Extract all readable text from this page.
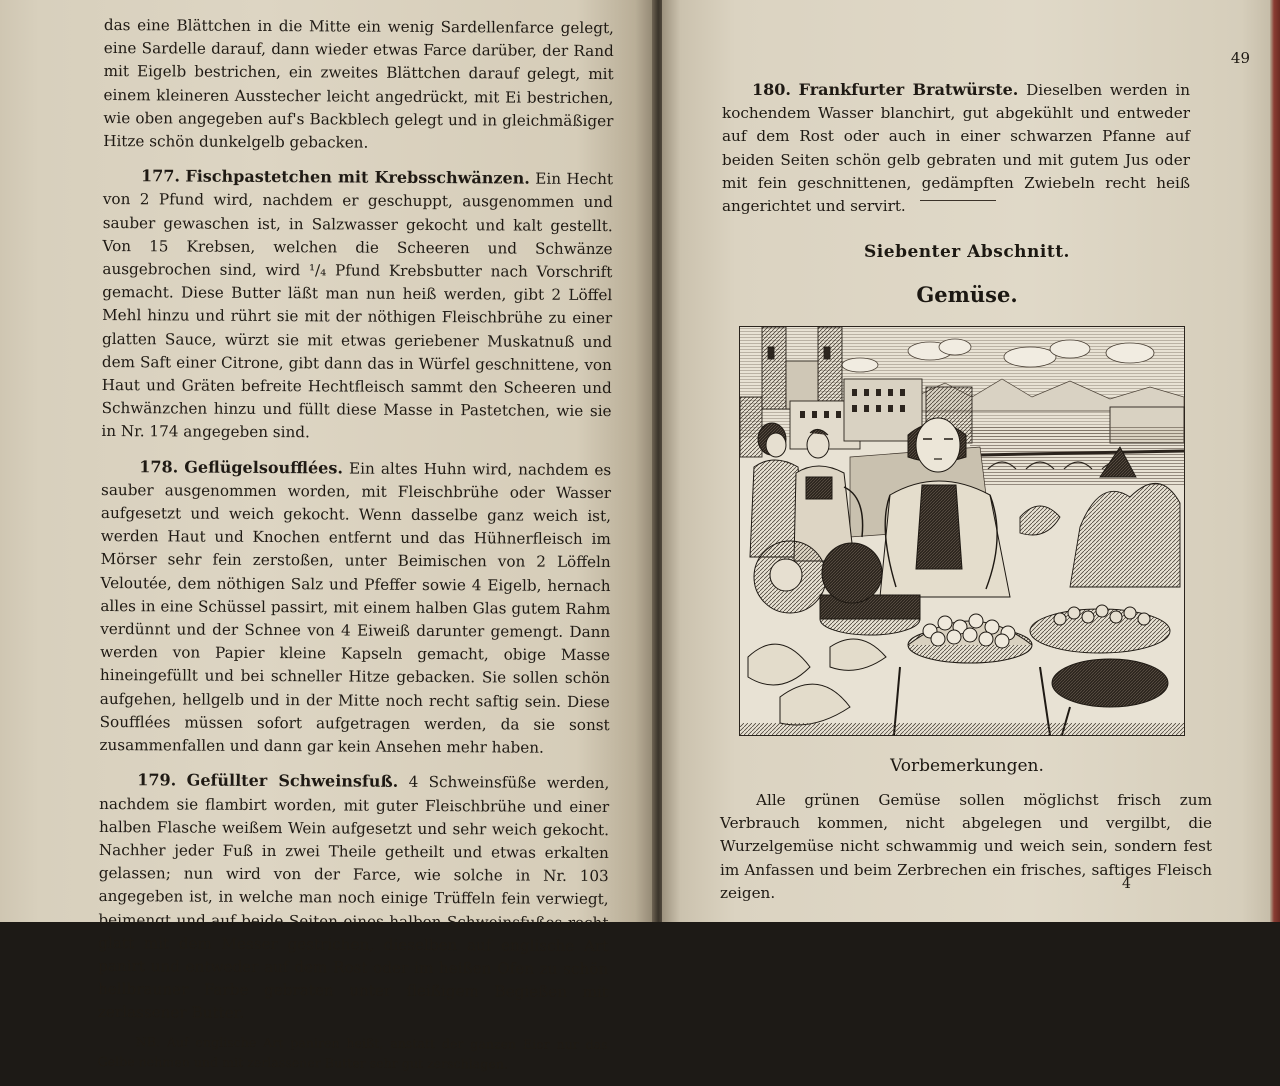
das eine Blättchen in die Mitte ein wenig Sardellenfarce gelegt, eine Sardelle darauf, dann wieder etwas Farce darüber, der Rand mit Eigelb bestrichen, ein zweites Blättchen darauf gelegt, mit einem kleineren Ausstecher leicht angedrückt, mit Ei bestrichen, wie oben angegeben auf's Backblech gelegt und in gleichmäßiger Hitze schön dunkelgelb gebacken.

177. Fischpastetchen mit Krebsschwänzen. Ein Hecht von 2 Pfund wird, nachdem er geschuppt, ausgenommen und sauber gewaschen ist, in Salzwasser gekocht und kalt gestellt. Von 15 Krebsen, welchen die Scheeren und Schwänze ausgebrochen sind, wird ¹/₄ Pfund Krebsbutter nach Vorschrift gemacht. Diese Butter läßt man nun heiß werden, gibt 2 Löffel Mehl hinzu und rührt sie mit der nöthigen Fleischbrühe zu einer glatten Sauce, würzt sie mit etwas geriebener Muskatnuß und dem Saft einer Citrone, gibt dann das in Würfel geschnittene, von Haut und Gräten befreite Hechtfleisch sammt den Scheeren und Schwänzchen hinzu und füllt diese Masse in Pastetchen, wie sie in Nr. 174 angegeben sind.

178. Geflügelsoufflées. Ein altes Huhn wird, nachdem es sauber ausgenommen worden, mit Fleischbrühe oder Wasser aufgesetzt und weich gekocht. Wenn dasselbe ganz weich ist, werden Haut und Knochen entfernt und das Hühnerfleisch im Mörser sehr fein zerstoßen, unter Beimischen von 2 Löffeln Veloutée, dem nöthigen Salz und Pfeffer sowie 4 Eigelb, hernach alles in eine Schüssel passirt, mit einem halben Glas gutem Rahm verdünnt und der Schnee von 4 Eiweiß darunter gemengt. Dann werden von Papier kleine Kapseln gemacht, obige Masse hineingefüllt und bei schneller Hitze gebacken. Sie sollen schön aufgehen, hellgelb und in der Mitte noch recht saftig sein. Diese Soufflées müssen sofort aufgetragen werden, da sie sonst zusammenfallen und dann gar kein Ansehen mehr haben.

179. Gefüllter Schweinsfuß. 4 Schweinsfüße werden, nachdem sie flambirt worden, mit guter Fleischbrühe und einer halben Flasche weißem Wein aufgesetzt und sehr weich gekocht. Nachher jeder Fuß in zwei Theile getheilt und etwas erkalten gelassen; nun wird von der Farce, wie solche in Nr. 103 angegeben ist, in welche man noch einige Trüffeln fein verwiegt, beimengt und auf beide Seiten eines halben Schweinsfußes recht glatt mit dem Messer gestrichen, dieselben auf englische Art panirt und entweder auf dem Rost oder im heißen Ofen zu schön hellbrauner Farbe gebraten unter fleißigem Begießen mit zerlassener Butter.

NB. Auf englische Art paniren heißt, anstatt der ganzen Eier nur das Gelbe nehmen und mit zerlassener Butter sehr gut zerschlagen.

49

180. Frankfurter Bratwürste. Dieselben werden in kochendem Wasser blanchirt, gut abgekühlt und entweder auf dem Rost oder auch in einer schwarzen Pfanne auf beiden Seiten schön gelb gebraten und mit gutem Jus oder mit fein geschnittenen, gedämpften Zwiebeln recht heiß angerichtet und servirt.

Siebenter Abschnitt.
Gemüse.
Vorbemerkungen.

Alle grünen Gemüse sollen möglichst frisch zum Verbrauch kommen, nicht abgelegen und vergilbt, die Wurzelgemüse nicht schwammig und weich sein, sondern fest im Anfassen und beim Zerbrechen ein frisches, saftiges Fleisch zeigen.	4
